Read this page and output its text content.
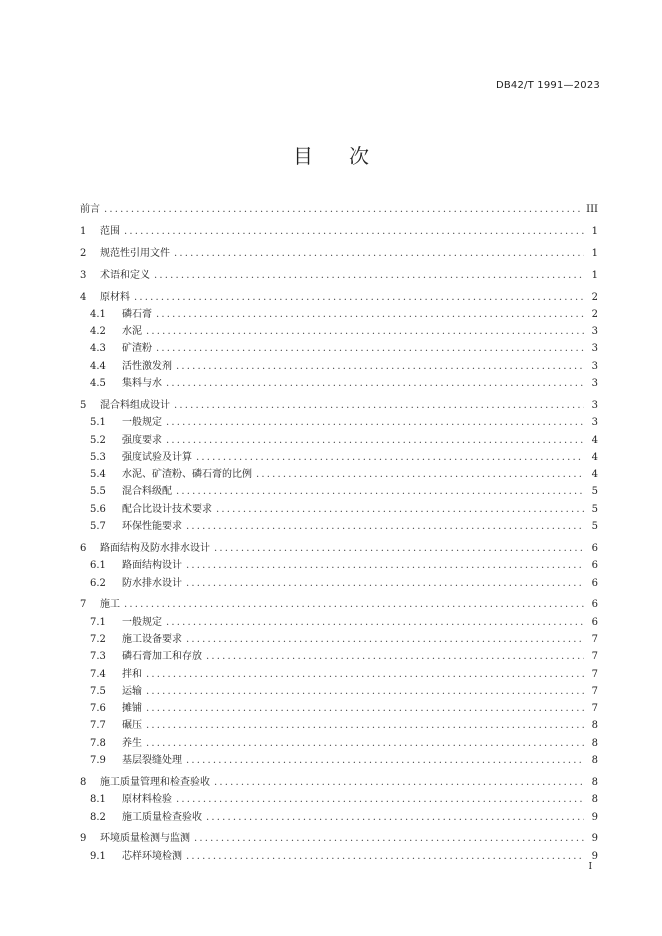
DB42/T 1991—2023
目 次
前言 .....	III
1	范围 .....	1
2	规范性引用文件 .....	1
3	术语和定义 .....	1
4	原材料 .....	2
4.1	磷石膏 .....	2
4.2	水泥 .....	3
4.3	矿渣粉 .....	3
4.4	活性激发剂 .....	3
4.5	集料与水 .....	3
5	混合料组成设计 .....	3
5.1	一般规定 .....	3
5.2	强度要求 .....	4
5.3	强度试验及计算 .....	4
5.4	水泥、矿渣粉、磷石膏的比例 .....	4
5.5	混合料级配 .....	5
5.6	配合比设计技术要求 .....	5
5.7	环保性能要求 .....	5
6	路面结构及防水排水设计 .....	6
6.1	路面结构设计 .....	6
6.2	防水排水设计 .....	6
7	施工 .....	6
7.1	一般规定 .....	6
7.2	施工设备要求 .....	7
7.3	磷石膏加工和存放 .....	7
7.4	拌和 .....	7
7.5	运输 .....	7
7.6	摊铺 .....	7
7.7	碾压 .....	8
7.8	养生 .....	8
7.9	基层裂缝处理 .....	8
8	施工质量管理和检查验收 .....	8
8.1	原材料检验 .....	8
8.2	施工质量检查验收 .....	9
9	环境质量检测与监测 .....	9
9.1	芯样环境检测 .....	9
I
